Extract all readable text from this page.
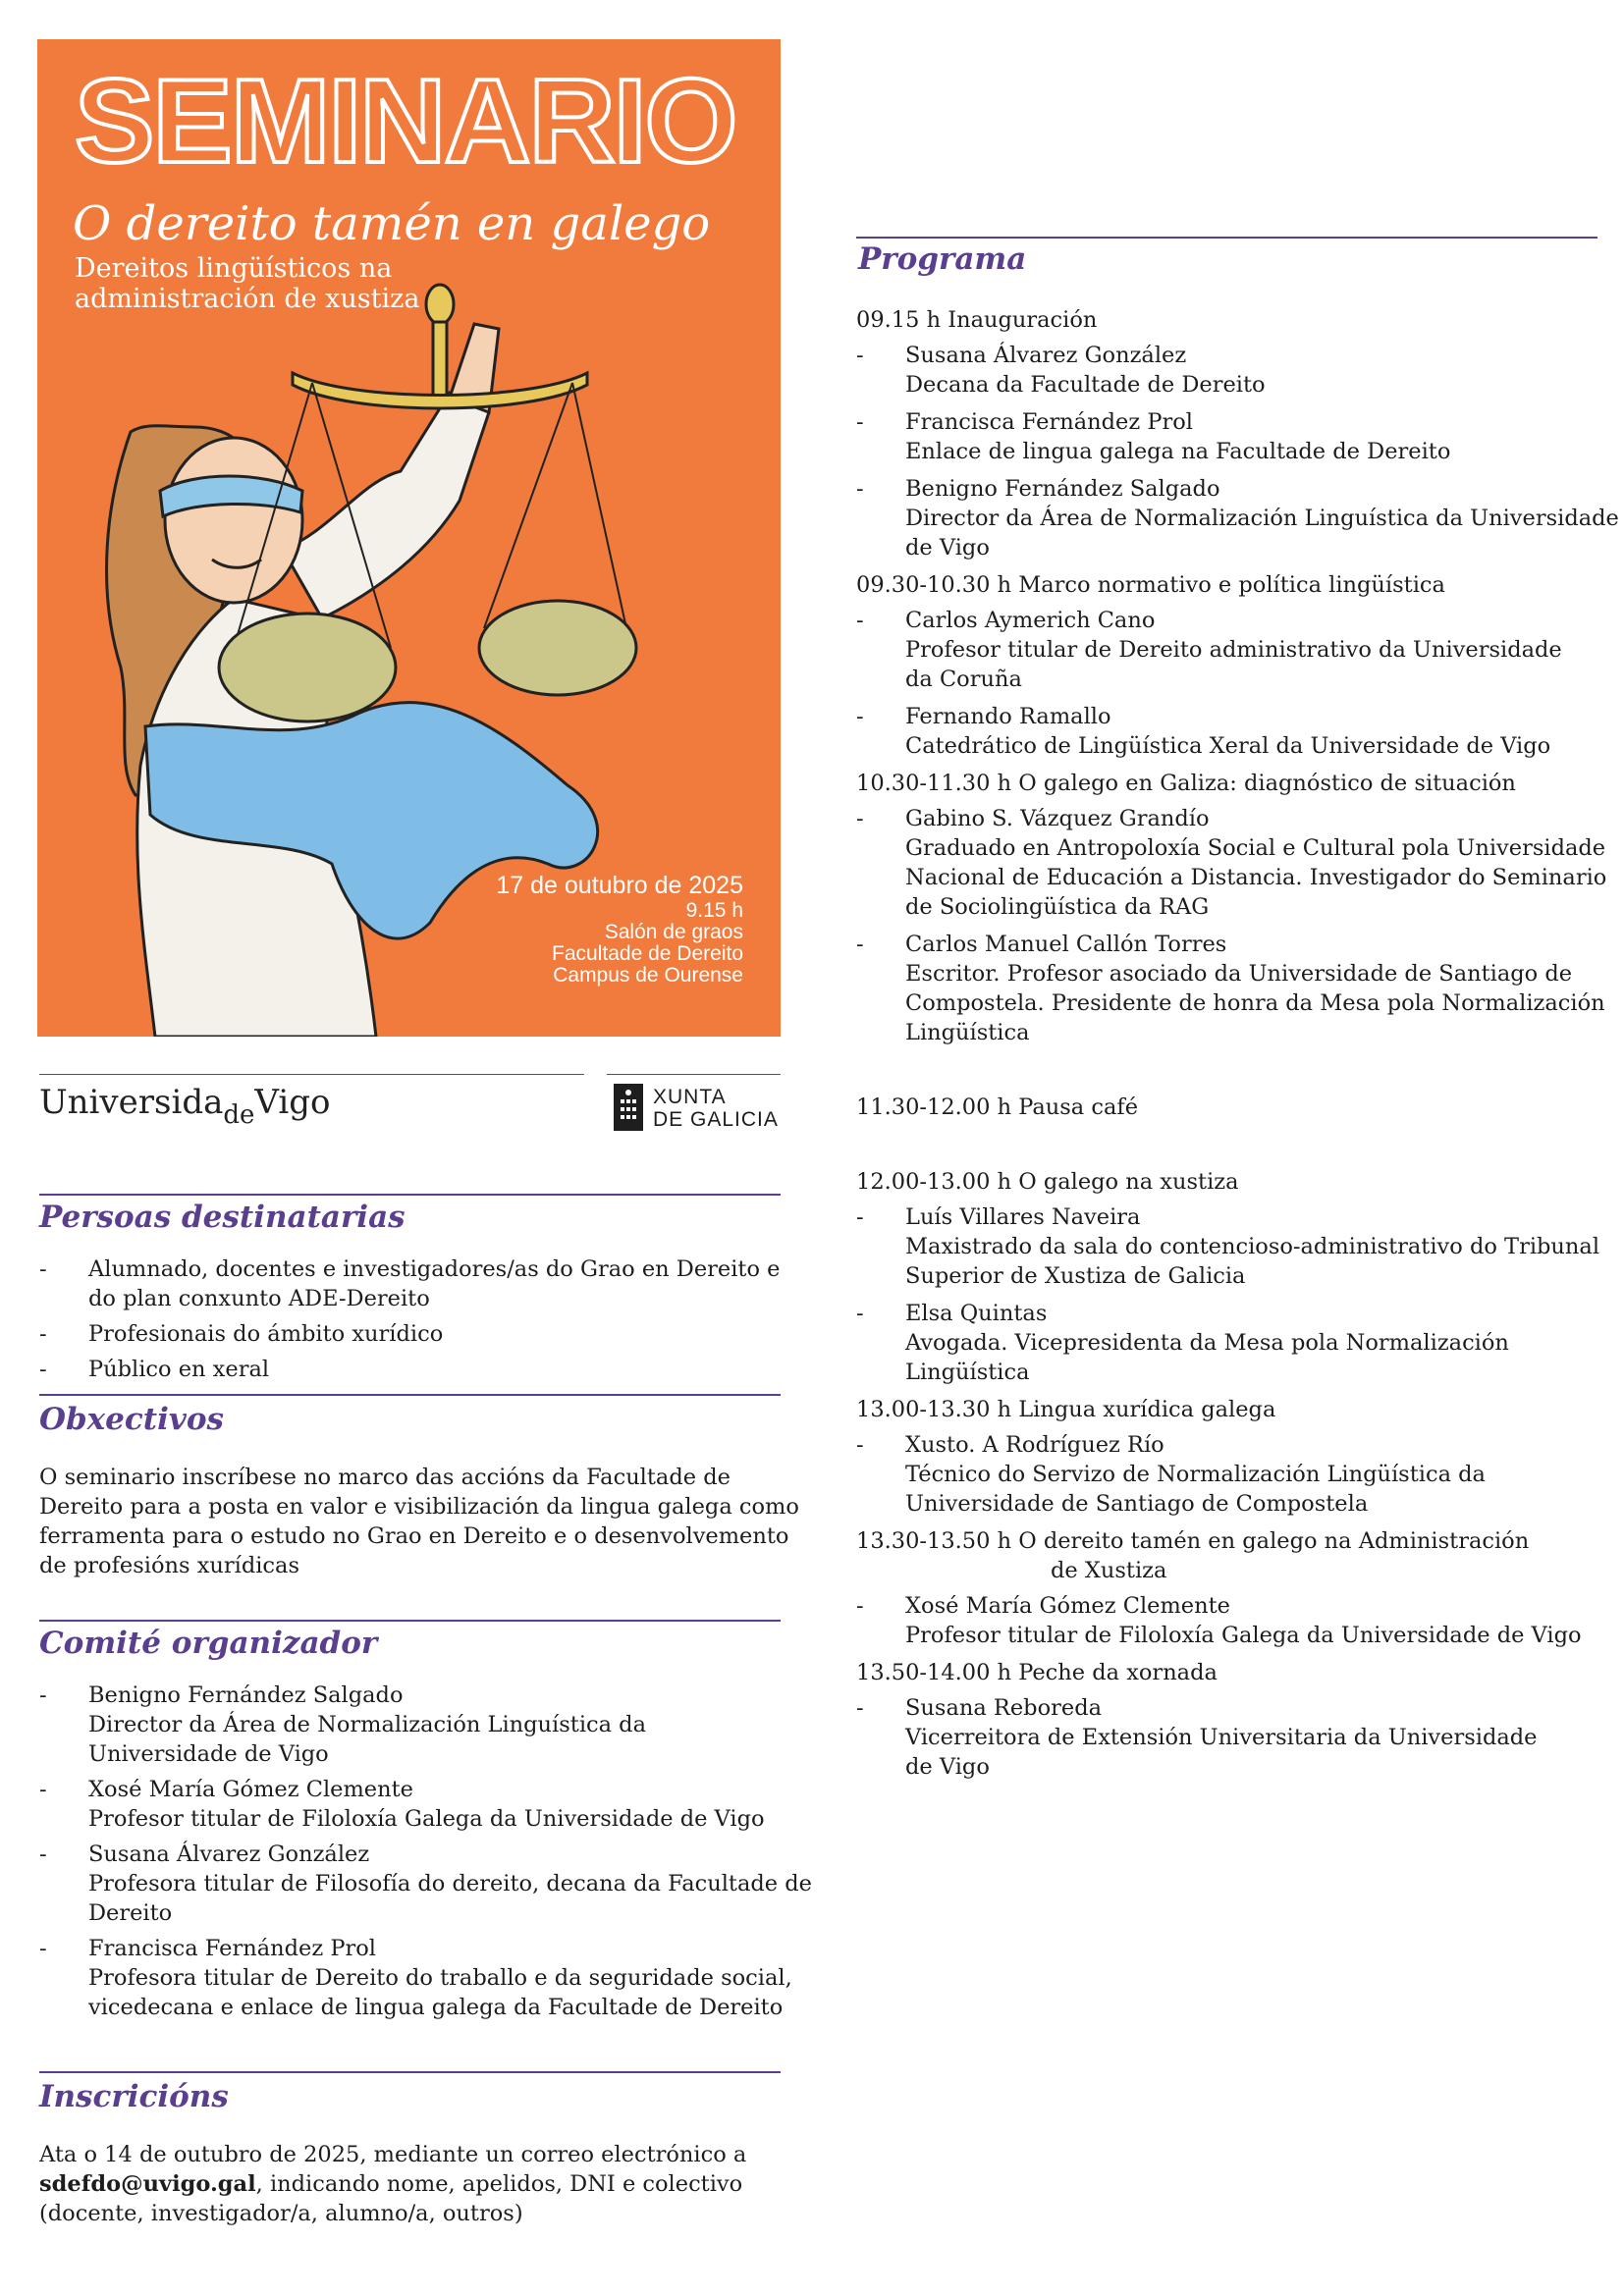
SEMINARIO
O dereito tamén en galego
Dereitos lingüísticos na
administración de xustiza
17 de outubro de 2025
9.15 h
Salón de graos
Facultade de Dereito
Campus de Ourense
Universida$_{de}$Vigo	XUNTA
DE GALICIA
Persoas destinatarias
- Alumnado, docentes e investigadores/as do Grao en Dereito e
do plan conxunto ADE-Dereito
- Profesionais do ámbito xurídico
- Público en xeral
Obxectivos
O seminario inscríbese no marco das accións da Facultade de
Dereito para a posta en valor e visibilización da lingua galega como
ferramenta para o estudo no Grao en Dereito e o desenvolvemento
de profesións xurídicas
Comité organizador
- Benigno Fernández Salgado
Director da Área de Normalización Linguística da
Universidade de Vigo
- Xosé María Gómez Clemente
Profesor titular de Filoloxía Galega da Universidade de Vigo
- Susana Álvarez González
Profesora titular de Filosofía do dereito, decana da Facultade de
Dereito
- Francisca Fernández Prol
Profesora titular de Dereito do traballo e da seguridade social,
vicedecana e enlace de lingua galega da Facultade de Dereito
Inscricións
Ata o 14 de outubro de 2025, mediante un correo electrónico a
sdefdo@uvigo.gal, indicando nome, apelidos, DNI e colectivo
(docente, investigador/a, alumno/a, outros)
Programa
09.15 h Inauguración
- Susana Álvarez González
Decana da Facultade de Dereito
- Francisca Fernández Prol
Enlace de lingua galega na Facultade de Dereito
- Benigno Fernández Salgado
Director da Área de Normalización Linguística da Universidade
de Vigo
09.30-10.30 h Marco normativo e política lingüística
- Carlos Aymerich Cano
Profesor titular de Dereito administrativo da Universidade
da Coruña
- Fernando Ramallo
Catedrático de Lingüística Xeral da Universidade de Vigo
10.30-11.30 h O galego en Galiza: diagnóstico de situación
- Gabino S. Vázquez Grandío
Graduado en Antropoloxía Social e Cultural pola Universidade
Nacional de Educación a Distancia. Investigador do Seminario
de Sociolingüística da RAG
- Carlos Manuel Callón Torres
Escritor. Profesor asociado da Universidade de Santiago de
Compostela. Presidente de honra da Mesa pola Normalización
Lingüística
11.30-12.00 h Pausa café
12.00-13.00 h O galego na xustiza
- Luís Villares Naveira
Maxistrado da sala do contencioso-administrativo do Tribunal
Superior de Xustiza de Galicia
- Elsa Quintas
Avogada. Vicepresidenta da Mesa pola Normalización
Lingüística
13.00-13.30 h Lingua xurídica galega
- Xusto. A Rodríguez Río
Técnico do Servizo de Normalización Lingüística da
Universidade de Santiago de Compostela
13.30-13.50 h O dereito tamén en galego na Administración
de Xustiza
- Xosé María Gómez Clemente
Profesor titular de Filoloxía Galega da Universidade de Vigo
13.50-14.00 h Peche da xornada
- Susana Reboreda
Vicerreitora de Extensión Universitaria da Universidade
de Vigo
